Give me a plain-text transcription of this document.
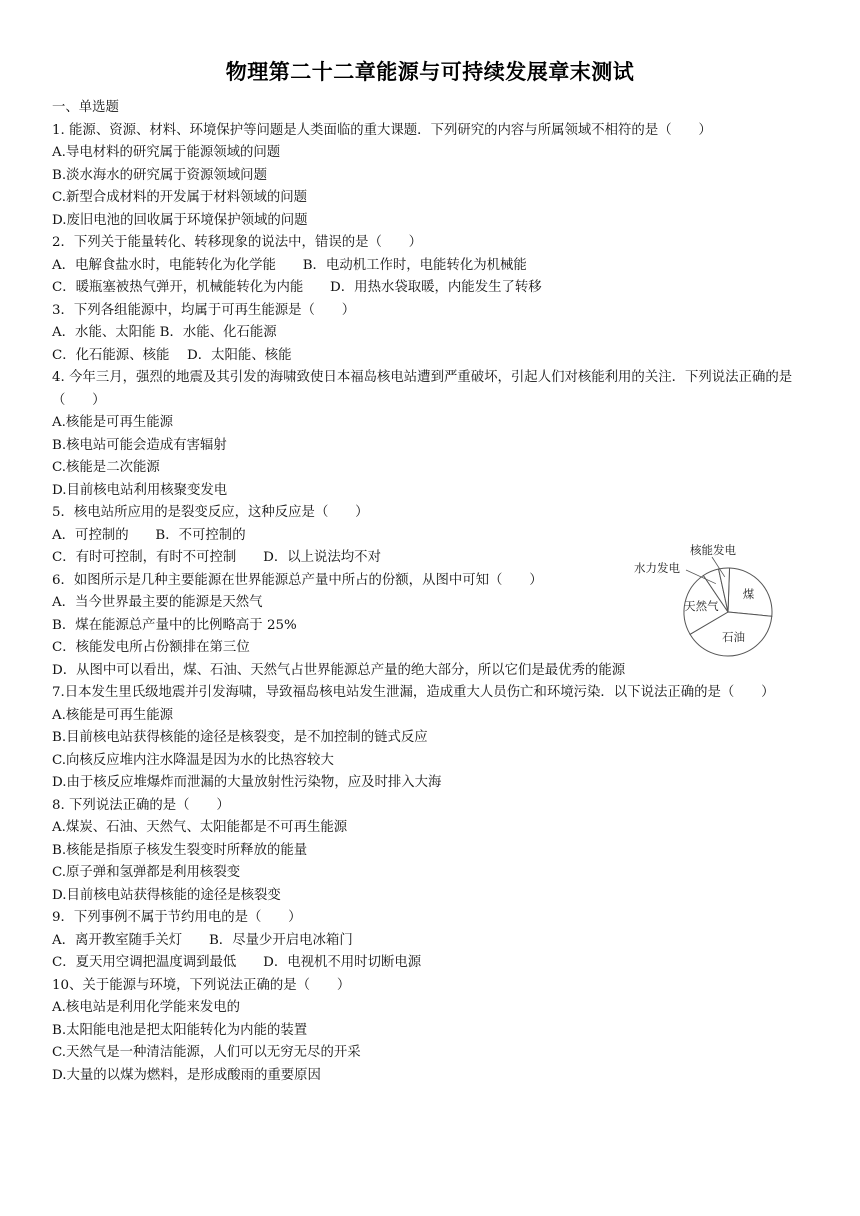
物理第二十二章能源与可持续发展章末测试
一、单选题
1. 能源、资源、材料、环境保护等问题是人类面临的重大课题．下列研究的内容与所属领域不相符的是（　　）
A.导电材料的研究属于能源领域的问题
B.淡水海水的研究属于资源领域问题
C.新型合成材料的开发属于材料领域的问题
D.废旧电池的回收属于环境保护领域的问题
2．下列关于能量转化、转移现象的说法中，错误的是（　　）
A．电解食盐水时，电能转化为化学能　　B．电动机工作时，电能转化为机械能
C．暖瓶塞被热气弹开，机械能转化为内能　　D．用热水袋取暖，内能发生了转移
3．下列各组能源中，均属于可再生能源是（　　）
A．水能、太阳能 B．水能、化石能源
C．化石能源、核能　 D．太阳能、核能
4. 今年三月，强烈的地震及其引发的海啸致使日本福岛核电站遭到严重破坏，引起人们对核能利用的关注．下列说法正确的是（　　）
A.核能是可再生能源
B.核电站可能会造成有害辐射
C.核能是二次能源
D.目前核电站利用核聚变发电
5．核电站所应用的是裂变反应，这种反应是（　　）
A．可控制的　　B．不可控制的
C．有时可控制，有时不可控制　　D．以上说法均不对
6．如图所示是几种主要能源在世界能源总产量中所占的份额，从图中可知（　　）
A．当今世界最主要的能源是天然气
B．煤在能源总产量中的比例略高于 25%
C．核能发电所占份额排在第三位
D．从图中可以看出，煤、石油、天然气占世界能源总产量的绝大部分，所以它们是最优秀的能源
7.日本发生里氏级地震并引发海啸，导致福岛核电站发生泄漏，造成重大人员伤亡和环境污染．以下说法正确的是（　　）
A.核能是可再生能源
B.目前核电站获得核能的途径是核裂变，是不加控制的链式反应
C.向核反应堆内注水降温是因为水的比热容较大
D.由于核反应堆爆炸而泄漏的大量放射性污染物，应及时排入大海
8. 下列说法正确的是（　　）
A.煤炭、石油、天然气、太阳能都是不可再生能源
B.核能是指原子核发生裂变时所释放的能量
C.原子弹和氢弹都是利用核裂变
D.目前核电站获得核能的途径是核裂变
9．下列事例不属于节约用电的是（　　）
A．离开教室随手关灯　　B．尽量少开启电冰箱门
C．夏天用空调把温度调到最低　　D．电视机不用时切断电源
10、关于能源与环境，下列说法正确的是（　　）
A.核电站是利用化学能来发电的
B.太阳能电池是把太阳能转化为内能的装置
C.天然气是一种清洁能源，人们可以无穷无尽的开采
D.大量的以煤为燃料，是形成酸雨的重要原因
煤
石油
天然气
水力发电
核能发电
